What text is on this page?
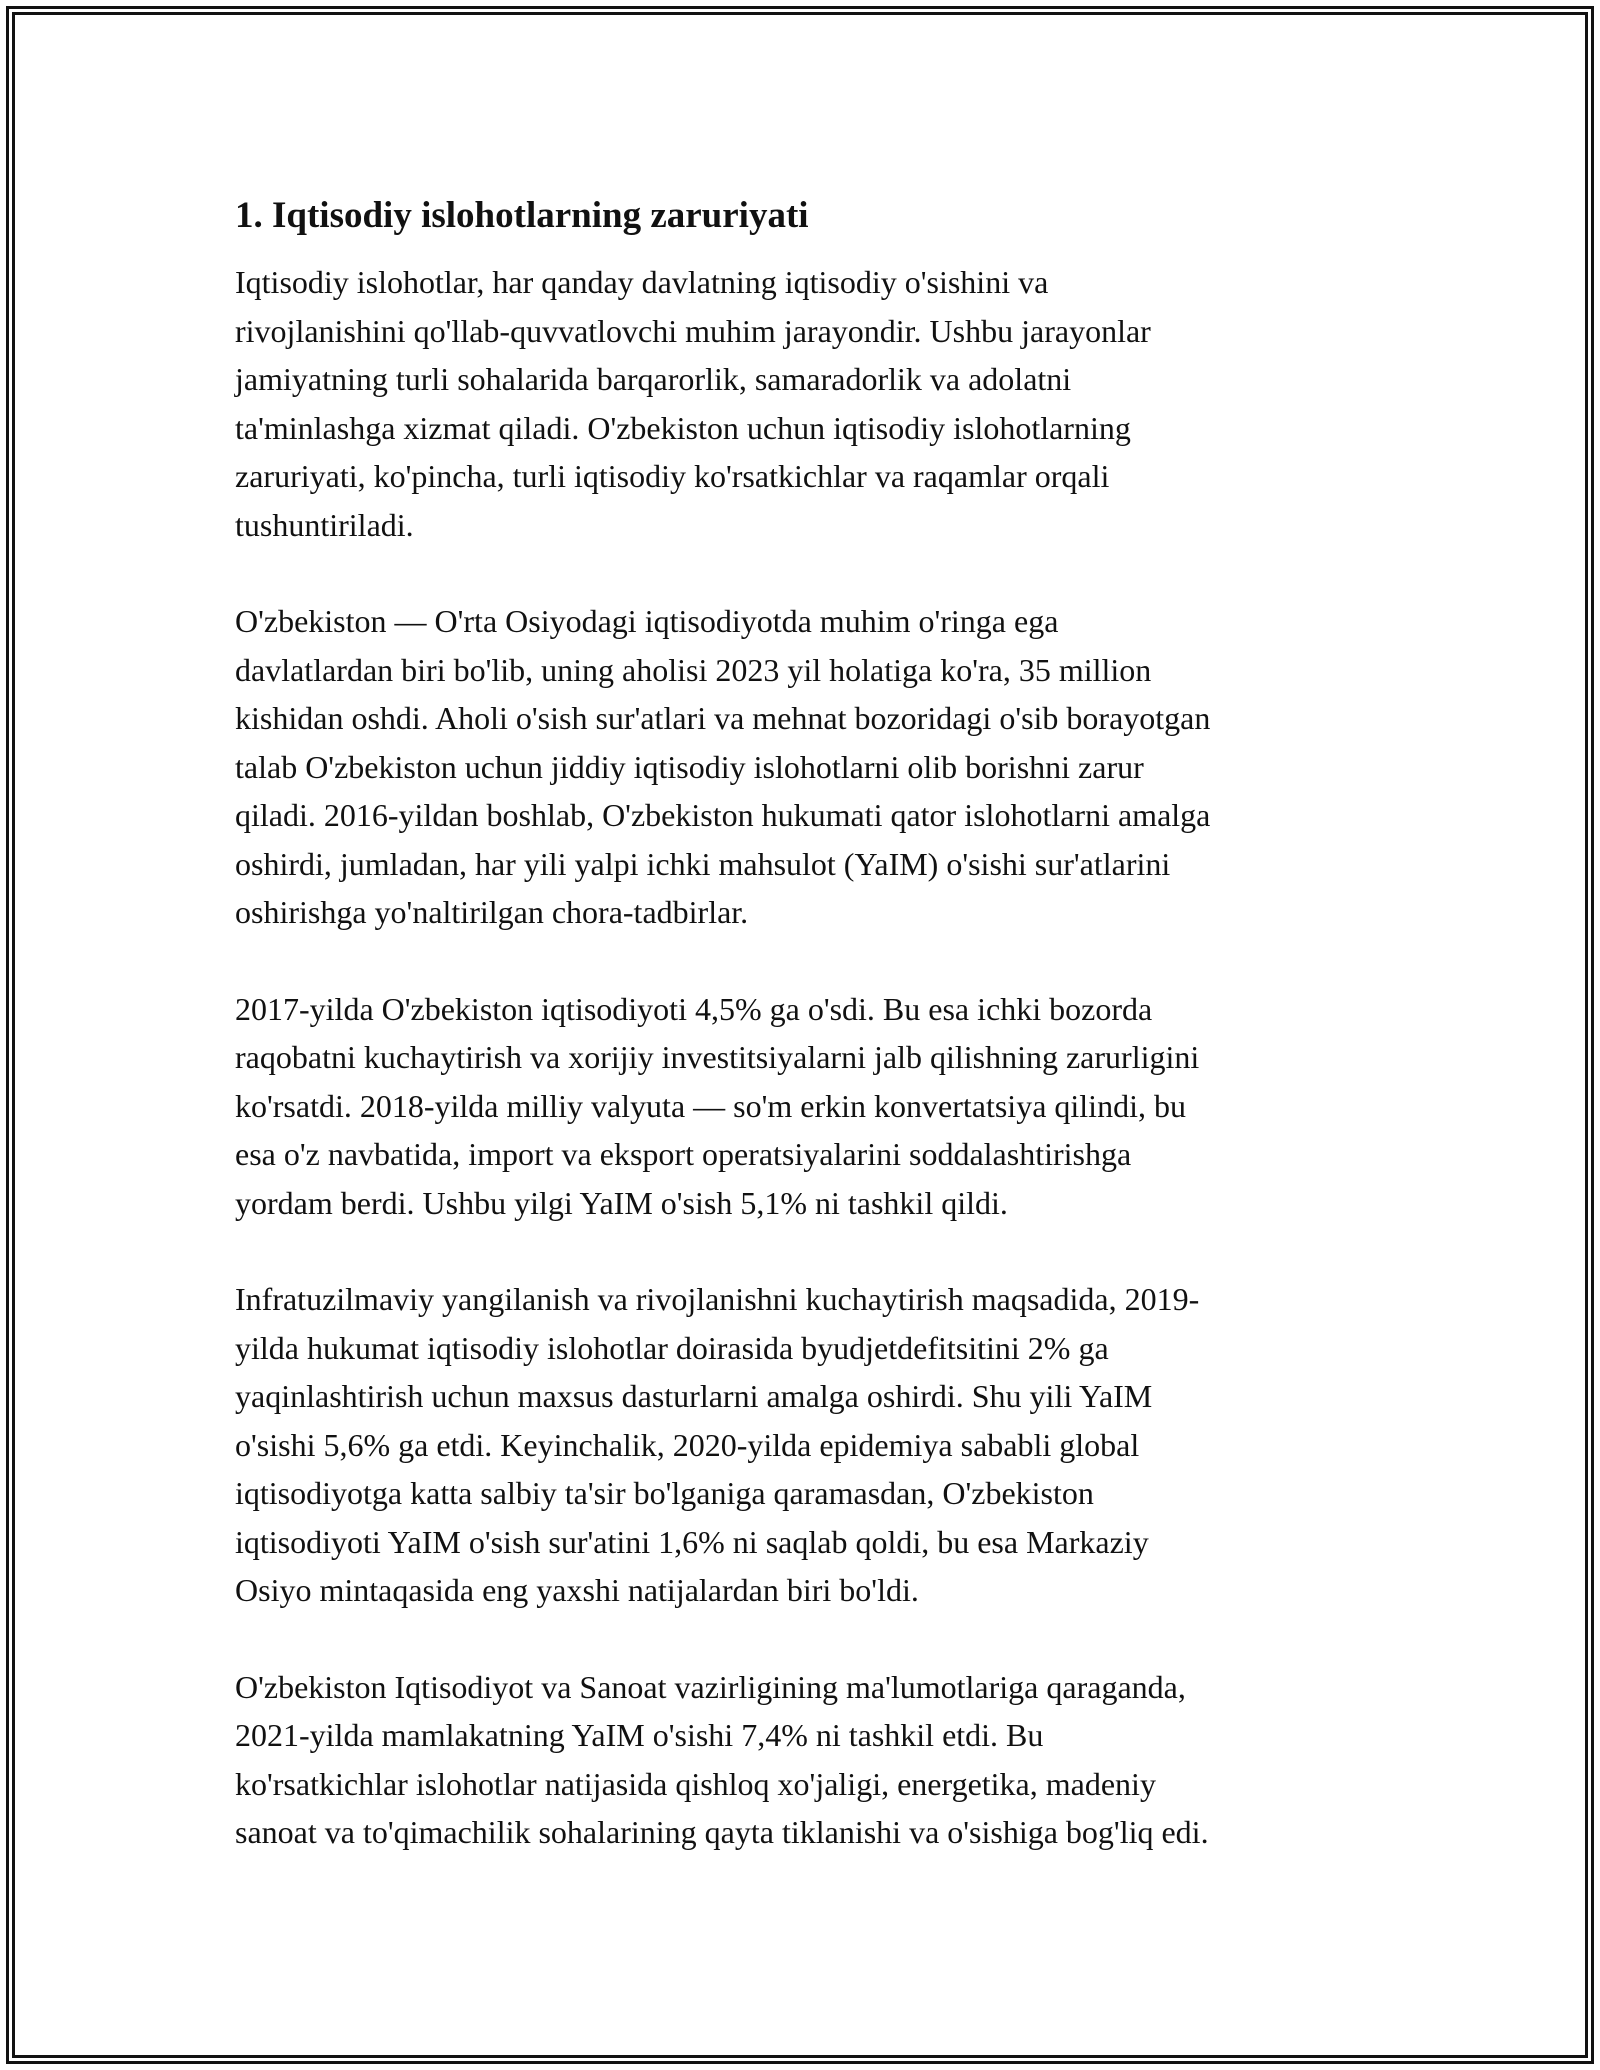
1. Iqtisodiy islohotlarning zaruriyati

Iqtisodiy islohotlar, har qanday davlatning iqtisodiy o'sishini va
rivojlanishini qo'llab-quvvatlovchi muhim jarayondir. Ushbu jarayonlar
jamiyatning turli sohalarida barqarorlik, samaradorlik va adolatni
ta'minlashga xizmat qiladi. O'zbekiston uchun iqtisodiy islohotlarning
zaruriyati, ko'pincha, turli iqtisodiy ko'rsatkichlar va raqamlar orqali
tushuntiriladi.

O'zbekiston — O'rta Osiyodagi iqtisodiyotda muhim o'ringa ega
davlatlardan biri bo'lib, uning aholisi 2023 yil holatiga ko'ra, 35 million
kishidan oshdi. Aholi o'sish sur'atlari va mehnat bozoridagi o'sib borayotgan
talab O'zbekiston uchun jiddiy iqtisodiy islohotlarni olib borishni zarur
qiladi. 2016-yildan boshlab, O'zbekiston hukumati qator islohotlarni amalga
oshirdi, jumladan, har yili yalpi ichki mahsulot (YaIM) o'sishi sur'atlarini
oshirishga yo'naltirilgan chora-tadbirlar.

2017-yilda O'zbekiston iqtisodiyoti 4,5% ga o'sdi. Bu esa ichki bozorda
raqobatni kuchaytirish va xorijiy investitsiyalarni jalb qilishning zarurligini
ko'rsatdi. 2018-yilda milliy valyuta — so'm erkin konvertatsiya qilindi, bu
esa o'z navbatida, import va eksport operatsiyalarini soddalashtirishga
yordam berdi. Ushbu yilgi YaIM o'sish 5,1% ni tashkil qildi.

Infratuzilmaviy yangilanish va rivojlanishni kuchaytirish maqsadida, 2019-
yilda hukumat iqtisodiy islohotlar doirasida byudjetdefitsitini 2% ga
yaqinlashtirish uchun maxsus dasturlarni amalga oshirdi. Shu yili YaIM
o'sishi 5,6% ga etdi. Keyinchalik, 2020-yilda epidemiya sababli global
iqtisodiyotga katta salbiy ta'sir bo'lganiga qaramasdan, O'zbekiston
iqtisodiyoti YaIM o'sish sur'atini 1,6% ni saqlab qoldi, bu esa Markaziy
Osiyo mintaqasida eng yaxshi natijalardan biri bo'ldi.

O'zbekiston Iqtisodiyot va Sanoat vazirligining ma'lumotlariga qaraganda,
2021-yilda mamlakatning YaIM o'sishi 7,4% ni tashkil etdi. Bu
ko'rsatkichlar islohotlar natijasida qishloq xo'jaligi, energetika, madeniy
sanoat va to'qimachilik sohalarining qayta tiklanishi va o'sishiga bog'liq edi.
